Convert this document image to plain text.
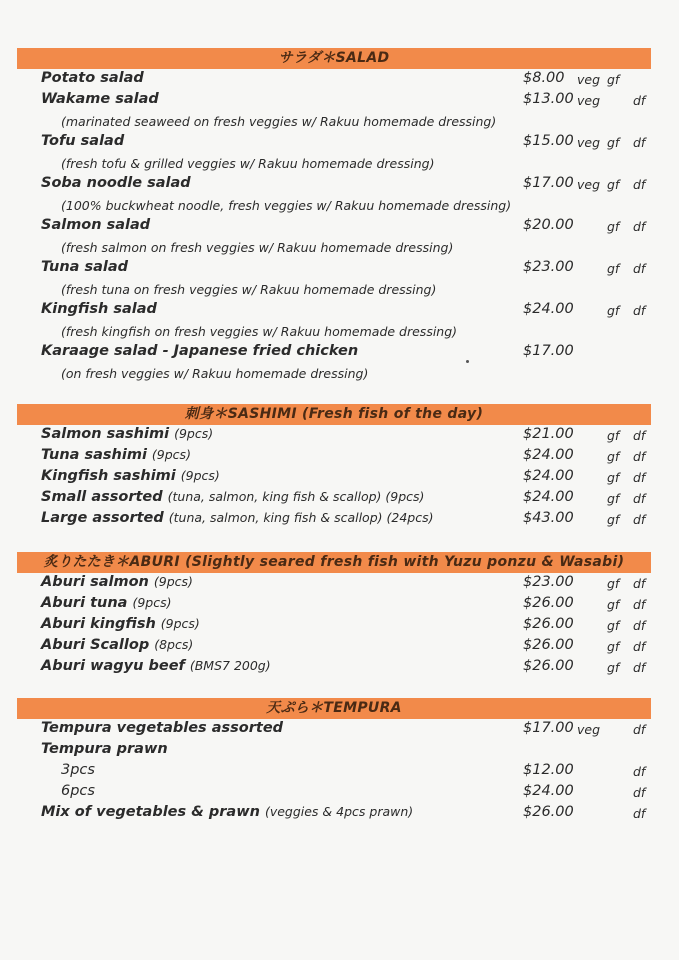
サラダ＊SALAD
Potato salad	$8.00 veg gf
Wakame salad	$13.00 veg	df
(marinated seaweed on fresh veggies w/ Rakuu homemade dressing)
Tofu salad	$15.00 veg gf df
(fresh tofu & grilled veggies w/ Rakuu homemade dressing)
Soba noodle salad	$17.00 veg gf df
(100% buckwheat noodle, fresh veggies w/ Rakuu homemade dressing)
Salmon salad	$20.00	gf df
(fresh salmon on fresh veggies w/ Rakuu homemade dressing)
Tuna salad	$23.00	gf df
(fresh tuna on fresh veggies w/ Rakuu homemade dressing)
Kingfish salad	$24.00	gf df
(fresh kingfish on fresh veggies w/ Rakuu homemade dressing)
Karaage salad - Japanese fried chicken	$17.00
(on fresh veggies w/ Rakuu homemade dressing)
刺身＊SASHIMI (Fresh fish of the day)
Salmon sashimi (9pcs)	$21.00	gf df
Tuna sashimi (9pcs)	$24.00	gf df
Kingfish sashimi (9pcs)	$24.00	gf df
Small assorted (tuna, salmon, king fish & scallop) (9pcs)	$24.00	gf df
Large assorted (tuna, salmon, king fish & scallop) (24pcs)	$43.00	gf df
炙りたたき＊ABURI (Slightly seared fresh fish with Yuzu ponzu & Wasabi)
Aburi salmon (9pcs)	$23.00	gf df
Aburi tuna (9pcs)	$26.00	gf df
Aburi kingfish (9pcs)	$26.00	gf df
Aburi Scallop (8pcs)	$26.00	gf df
Aburi wagyu beef (BMS7 200g)	$26.00	gf df
天ぷら＊TEMPURA
Tempura vegetables assorted	$17.00 veg	df
Tempura prawn
3pcs	$12.00	df
6pcs	$24.00	df
Mix of vegetables & prawn (veggies & 4pcs prawn)	$26.00	df
